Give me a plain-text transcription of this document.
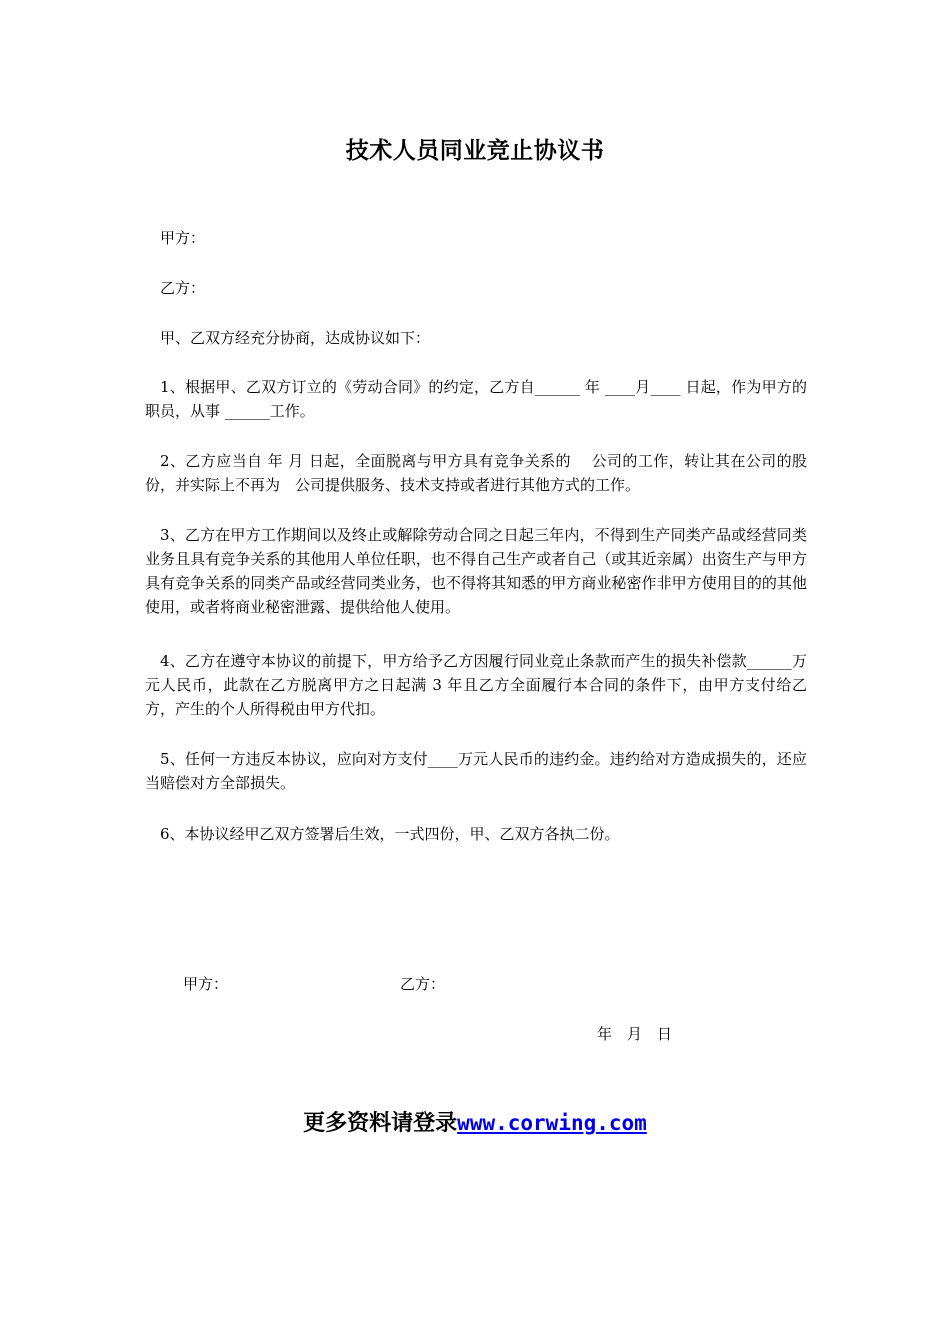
技术人员同业竞止协议书
甲方：
乙方：
甲、乙双方经充分协商，达成协议如下：
1、根据甲、乙双方订立的《劳动合同》的约定，乙方自______ 年 ____月____ 日起，作为甲方的职员，从事 ______工作。
2、乙方应当自 年 月 日起，全面脱离与甲方具有竞争关系的　 公司的工作，转让其在公司的股份，并实际上不再为　公司提供服务、技术支持或者进行其他方式的工作。
3、乙方在甲方工作期间以及终止或解除劳动合同之日起三年内，不得到生产同类产品或经营同类业务且具有竞争关系的其他用人单位任职，也不得自己生产或者自己（或其近亲属）出资生产与甲方具有竞争关系的同类产品或经营同类业务，也不得将其知悉的甲方商业秘密作非甲方使用目的的其他使用，或者将商业秘密泄露、提供给他人使用。
4、乙方在遵守本协议的前提下，甲方给予乙方因履行同业竞止条款而产生的损失补偿款______万元人民币，此款在乙方脱离甲方之日起满 3 年且乙方全面履行本合同的条件下，由甲方支付给乙方，产生的个人所得税由甲方代扣。
5、任何一方违反本协议，应向对方支付____万元人民币的违约金。违约给对方造成损失的，还应当赔偿对方全部损失。
6、本协议经甲乙双方签署后生效，一式四份，甲、乙双方各执二份。
甲方：	乙方：
年　月　日
更多资料请登录www.corwing.com
